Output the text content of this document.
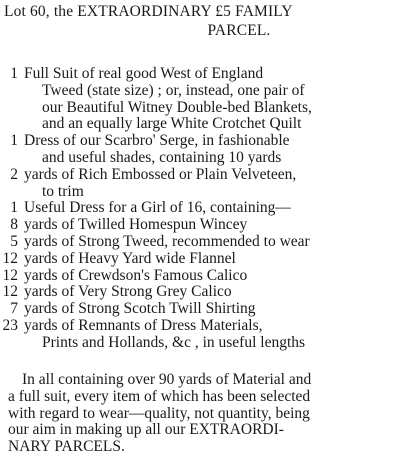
Lot 60, the EXTRAORDINARY £5 FAMILY
PARCEL.
1 Full Suit of real good West of England
Tweed (state size) ; or, instead, one pair of
our Beautiful Witney Double-bed Blankets,
and an equally large White Crotchet Quilt
1 Dress of our Scarbro' Serge, in fashionable
and useful shades, containing 10 yards
2 yards of Rich Embossed or Plain Velveteen,
to trim
1 Useful Dress for a Girl of 16, containing—
8 yards of Twilled Homespun Wincey
5 yards of Strong Tweed, recommended to wear
12 yards of Heavy Yard wide Flannel
12 yards of Crewdson's Famous Calico
12 yards of Very Strong Grey Calico
7 yards of Strong Scotch Twill Shirting
23 yards of Remnants of Dress Materials,
Prints and Hollands, &c , in useful lengths
In all containing over 90 yards of Material and
a full suit, every item of which has been selected
with regard to wear—quality, not quantity, being
our aim in making up all our EXTRAORDI-
NARY PARCELS.
